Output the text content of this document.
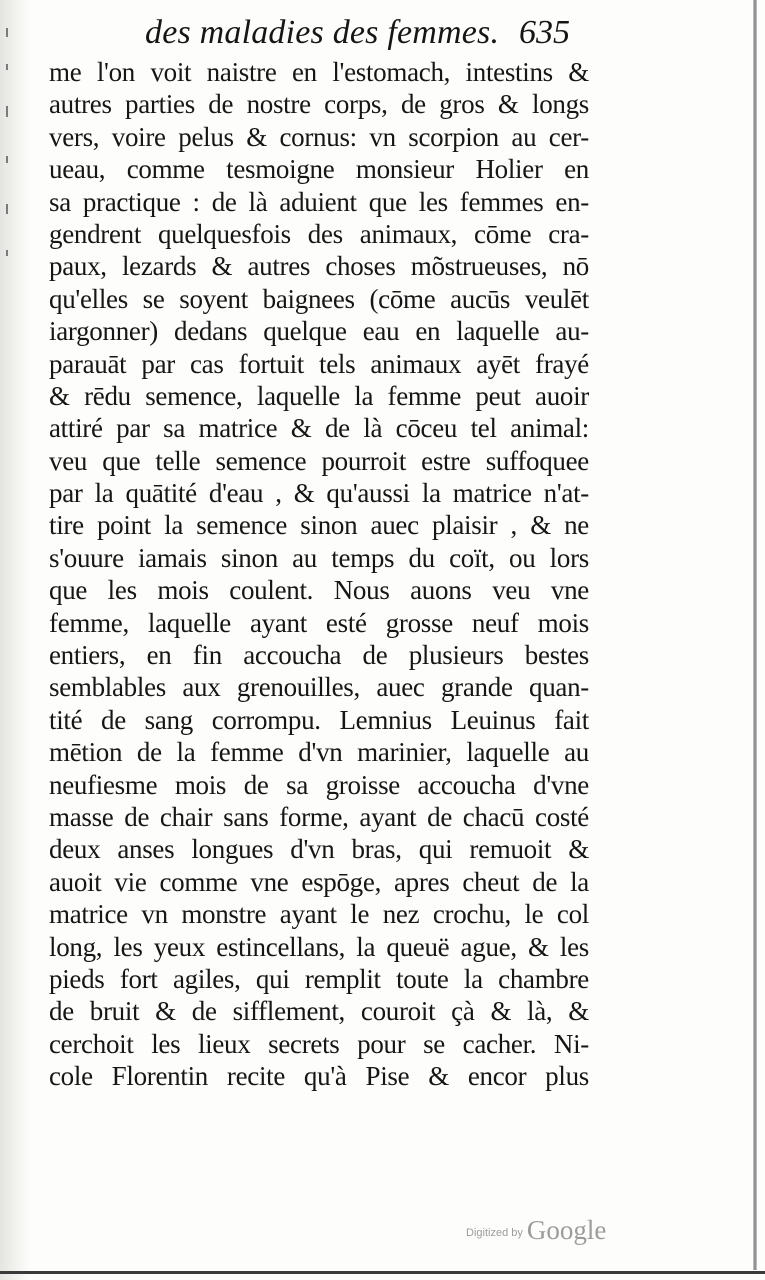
des maladies des femmes. 635
me l'on voit naistre en l'estomach, intestins &
autres parties de nostre corps, de gros & longs
vers, voire pelus & cornus: vn scorpion au cer-
ueau, comme tesmoigne monsieur Holier en
sa practique : de là aduient que les femmes en-
gendrent quelquesfois des animaux, cōme cra-
paux, lezards & autres choses mõstrueuses, nō
qu'elles se soyent baignees (cōme aucūs veulēt
iargonner) dedans quelque eau en laquelle au-
parauāt par cas fortuit tels animaux ayēt frayé
& rēdu semence, laquelle la femme peut auoir
attiré par sa matrice & de là cōceu tel animal:
veu que telle semence pourroit estre suffoquee
par la quātité d'eau , & qu'aussi la matrice n'at-
tire point la semence sinon auec plaisir , & ne
s'ouure iamais sinon au temps du coït, ou lors
que les mois coulent. Nous auons veu vne
femme, laquelle ayant esté grosse neuf mois
entiers, en fin accoucha de plusieurs bestes
semblables aux grenouilles, auec grande quan-
tité de sang corrompu. Lemnius Leuinus fait
mētion de la femme d'vn marinier, laquelle au
neufiesme mois de sa groisse accoucha d'vne
masse de chair sans forme, ayant de chacū costé
deux anses longues d'vn bras, qui remuoit &
auoit vie comme vne espōge, apres cheut de la
matrice vn monstre ayant le nez crochu, le col
long, les yeux estincellans, la queuë ague, & les
pieds fort agiles, qui remplit toute la chambre
de bruit & de sifflement, couroit çà & là, &
cerchoit les lieux secrets pour se cacher. Ni-
cole Florentin recite qu'à Pise & encor plus
Digitized by Google
